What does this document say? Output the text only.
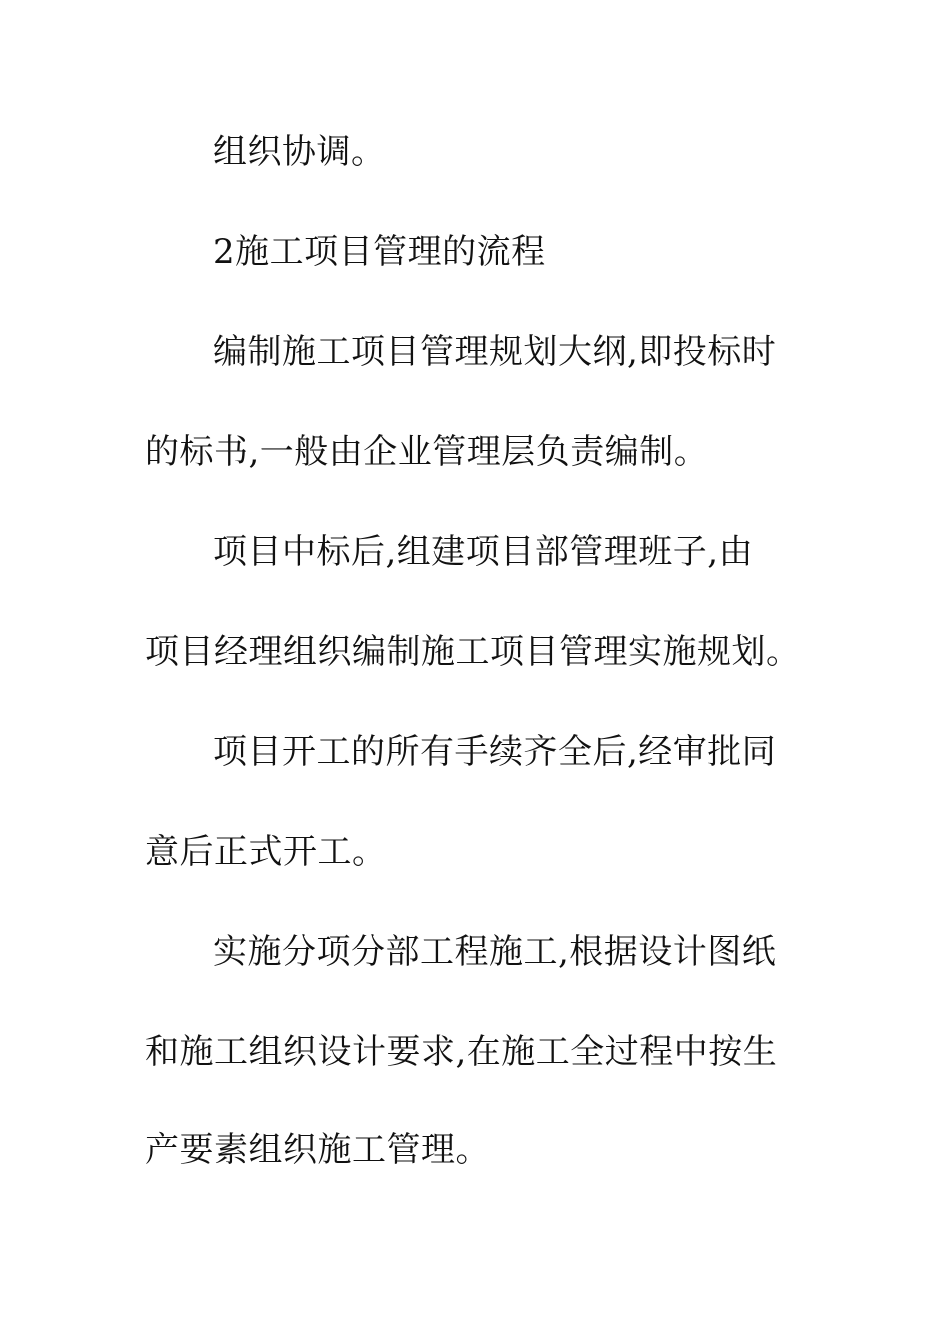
组织协调。
2施工项目管理的流程
编制施工项目管理规划大纲,即投标时
的标书,一般由企业管理层负责编制。
项目中标后,组建项目部管理班子,由
项目经理组织编制施工项目管理实施规划。
项目开工的所有手续齐全后,经审批同
意后正式开工。
实施分项分部工程施工,根据设计图纸
和施工组织设计要求,在施工全过程中按生
产要素组织施工管理。
